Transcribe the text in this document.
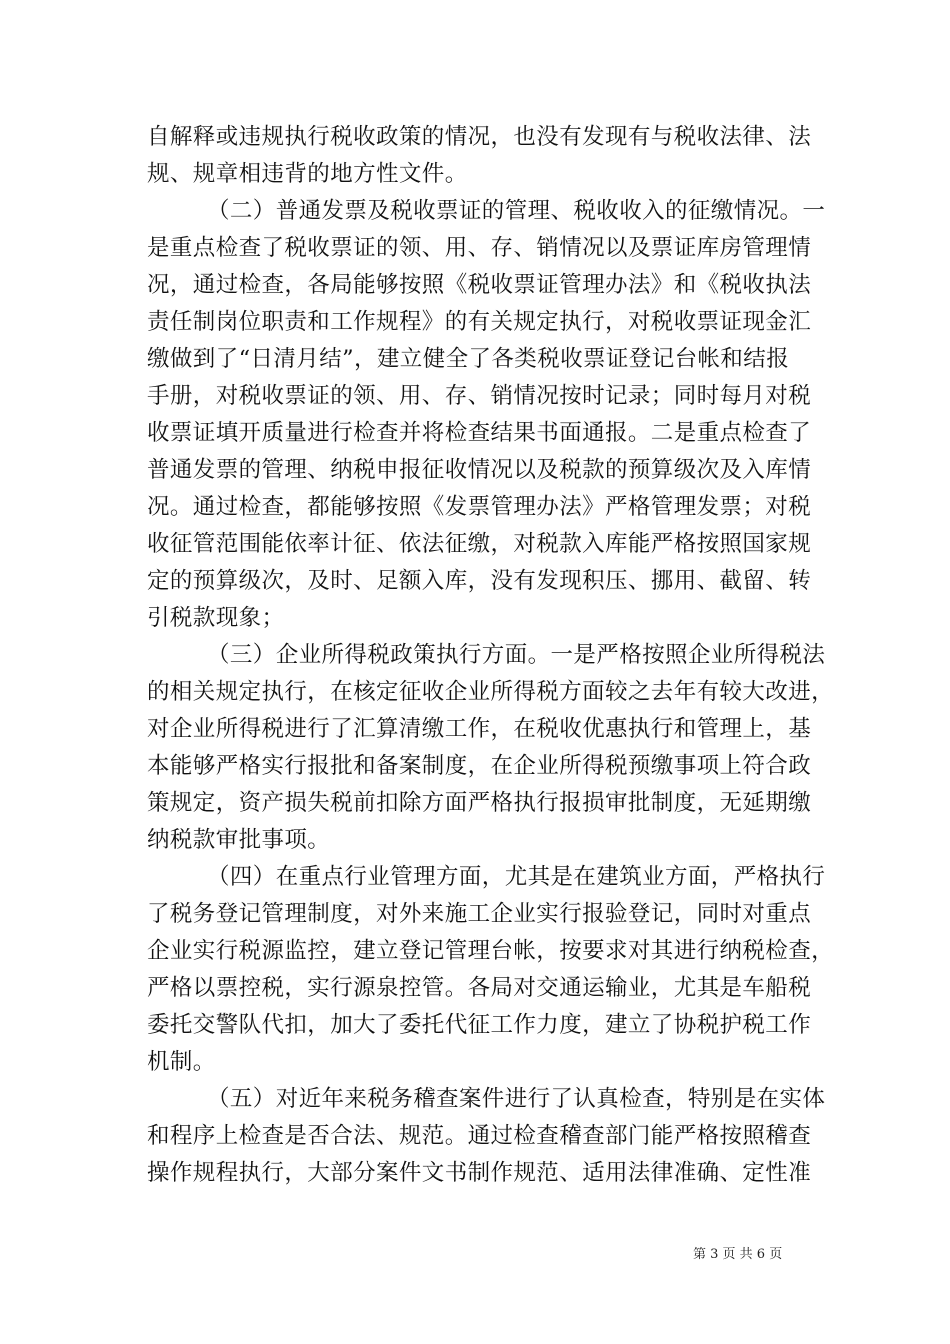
自解释或违规执行税收政策的情况，也没有发现有与税收法律、法
规、规章相违背的地方性文件。
（二）普通发票及税收票证的管理、税收收入的征缴情况。一
是重点检查了税收票证的领、用、存、销情况以及票证库房管理情
况，通过检查，各局能够按照《税收票证管理办法》和《税收执法
责任制岗位职责和工作规程》的有关规定执行，对税收票证现金汇
缴做到了“日清月结”，建立健全了各类税收票证登记台帐和结报
手册，对税收票证的领、用、存、销情况按时记录；同时每月对税
收票证填开质量进行检查并将检查结果书面通报。二是重点检查了
普通发票的管理、纳税申报征收情况以及税款的预算级次及入库情
况。通过检查，都能够按照《发票管理办法》严格管理发票；对税
收征管范围能依率计征、依法征缴，对税款入库能严格按照国家规
定的预算级次，及时、足额入库，没有发现积压、挪用、截留、转
引税款现象；
（三）企业所得税政策执行方面。一是严格按照企业所得税法
的相关规定执行，在核定征收企业所得税方面较之去年有较大改进，
对企业所得税进行了汇算清缴工作，在税收优惠执行和管理上，基
本能够严格实行报批和备案制度，在企业所得税预缴事项上符合政
策规定，资产损失税前扣除方面严格执行报损审批制度，无延期缴
纳税款审批事项。
（四）在重点行业管理方面，尤其是在建筑业方面，严格执行
了税务登记管理制度，对外来施工企业实行报验登记，同时对重点
企业实行税源监控，建立登记管理台帐，按要求对其进行纳税检查，
严格以票控税，实行源泉控管。各局对交通运输业，尤其是车船税
委托交警队代扣，加大了委托代征工作力度，建立了协税护税工作
机制。
（五）对近年来税务稽查案件进行了认真检查，特别是在实体
和程序上检查是否合法、规范。通过检查稽查部门能严格按照稽查
操作规程执行，大部分案件文书制作规范、适用法律准确、定性准
第 3 页 共 6 页
